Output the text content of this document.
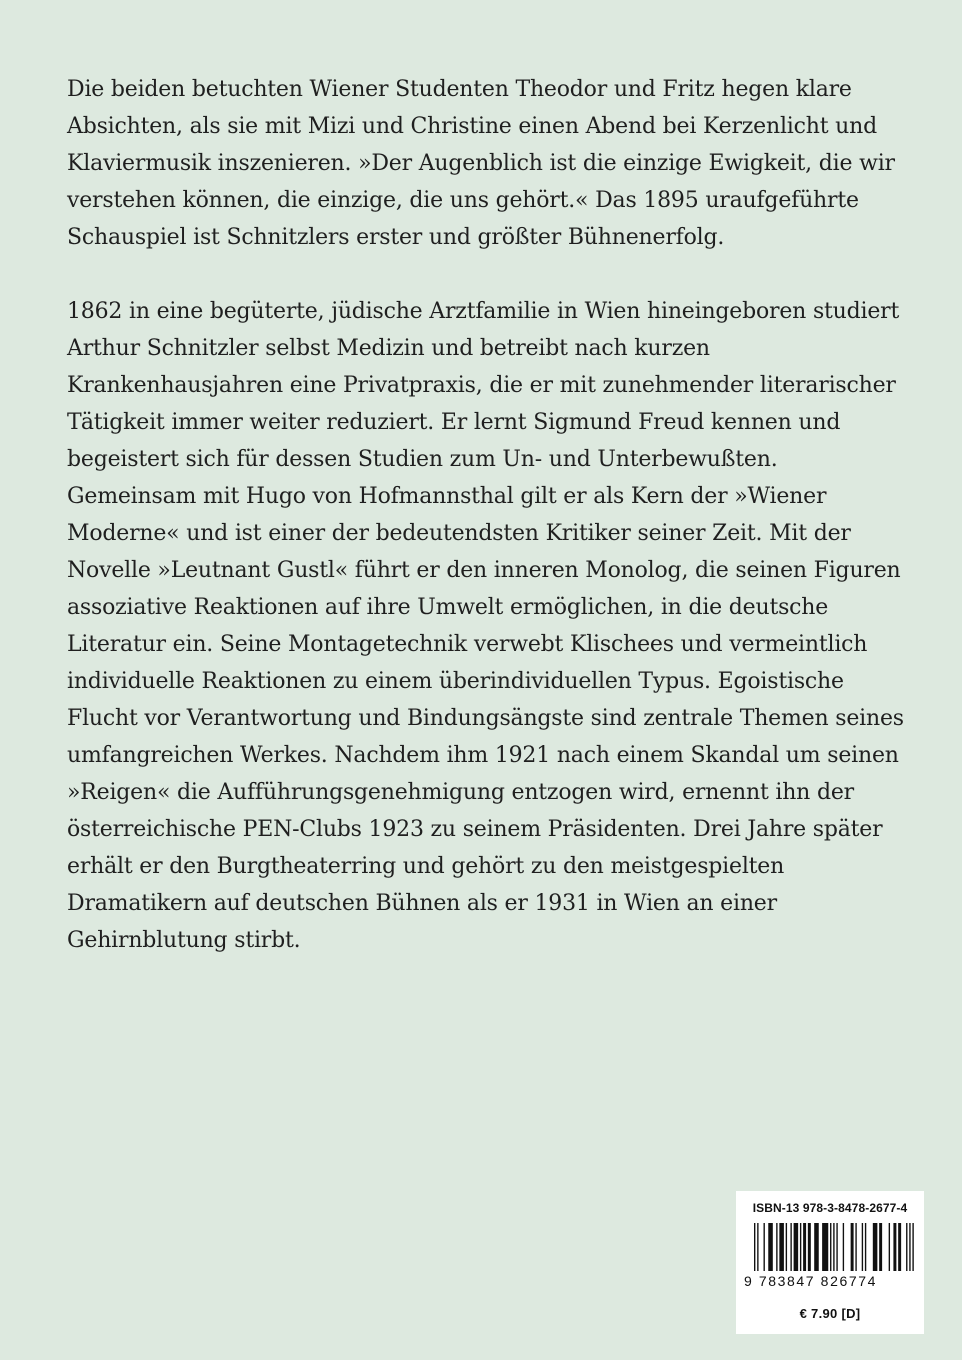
Die beiden betuchten Wiener Studenten Theodor und Fritz hegen klare Absichten, als sie mit Mizi und Christine einen Abend bei Kerzenlicht und Klaviermusik inszenieren. »Der Augenblich ist die einzige Ewigkeit, die wir verstehen können, die einzige, die uns gehört.« Das 1895 uraufgeführte Schauspiel ist Schnitzlers erster und größter Bühnenerfolg.

1862 in eine begüterte, jüdische Arztfamilie in Wien hineingeboren studiert Arthur Schnitzler selbst Medizin und betreibt nach kurzen Krankenhausjahren eine Privatpraxis, die er mit zunehmender literarischer Tätigkeit immer weiter reduziert. Er lernt Sigmund Freud kennen und begeistert sich für dessen Studien zum Un- und Unterbewußten. Gemeinsam mit Hugo von Hofmannsthal gilt er als Kern der »Wiener Moderne« und ist einer der bedeutendsten Kritiker seiner Zeit. Mit der Novelle »Leutnant Gustl« führt er den inneren Monolog, die seinen Figuren assoziative Reaktionen auf ihre Umwelt ermöglichen, in die deutsche Literatur ein. Seine Montagetechnik verwebt Klischees und vermeintlich individuelle Reaktionen zu einem überindividuellen Typus. Egoistische Flucht vor Verantwortung und Bindungsängste sind zentrale Themen seines umfangreichen Werkes. Nachdem ihm 1921 nach einem Skandal um seinen »Reigen« die Aufführungsgenehmigung entzogen wird, ernennt ihn der österreichische PEN-Clubs 1923 zu seinem Präsidenten. Drei Jahre später erhält er den Burgtheaterring und gehört zu den meistgespielten Dramatikern auf deutschen Bühnen als er 1931 in Wien an einer Gehirnblutung stirbt.

ISBN-13 978-3-8478-2677-4
9 783847 826774
€ 7.90 [D]
